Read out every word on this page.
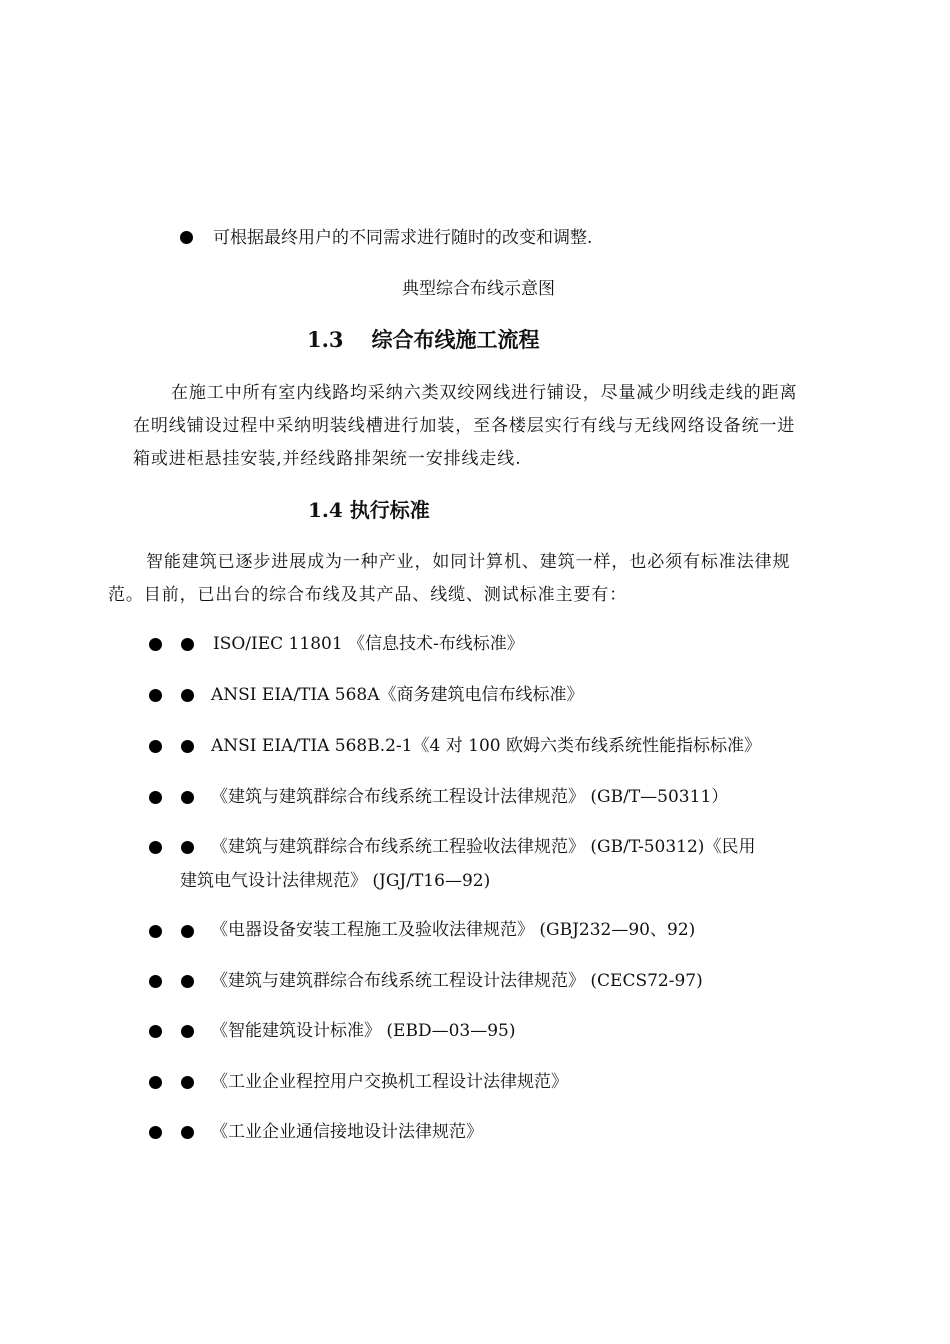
可根据最终用户的不同需求进行随时的改变和调整.
典型综合布线示意图
1.3 综合布线施工流程

在施工中所有室内线路均采纳六类双绞网线进行铺设，尽量减少明线走线的距离

在明线铺设过程中采纳明装线槽进行加装，至各楼层实行有线与无线网络设备统一进

箱或进柜悬挂安装,并经线路排架统一安排线走线.

1.4 执行标准

智能建筑已逐步进展成为一种产业，如同计算机、建筑一样，也必须有标准法律规

范。目前，已出台的综合布线及其产品、线缆、测试标准主要有：

ISO/IEC 11801 《信息技术-布线标准》
ANSI EIA/TIA 568A《商务建筑电信布线标准》
ANSI EIA/TIA 568B.2-1《4 对 100 欧姆六类布线系统性能指标标准》
《建筑与建筑群综合布线系统工程设计法律规范》 (GB/T—50311）
《建筑与建筑群综合布线系统工程验收法律规范》 (GB/T-50312)《民用
建筑电气设计法律规范》 (JGJ/T16—92)
《电器设备安装工程施工及验收法律规范》 (GBJ232—90、92)
《建筑与建筑群综合布线系统工程设计法律规范》 (CECS72-97)
《智能建筑设计标准》 (EBD—03—95)
《工业企业程控用户交换机工程设计法律规范》
《工业企业通信接地设计法律规范》
